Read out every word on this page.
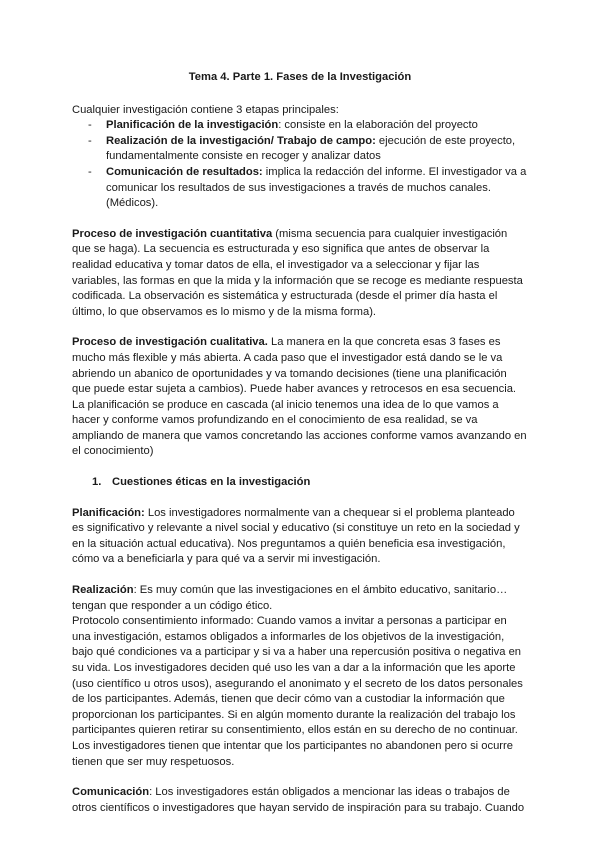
Tema 4. Parte 1. Fases de la Investigación

Cualquier investigación contiene 3 etapas principales:

- Planificación de la investigación: consiste en la elaboración del proyecto
- Realización de la investigación/ Trabajo de campo: ejecución de este proyecto, fundamentalmente consiste en recoger y analizar datos
- Comunicación de resultados: implica la redacción del informe. El investigador va a comunicar los resultados de sus investigaciones a través de muchos canales. (Médicos).

Proceso de investigación cuantitativa (misma secuencia para cualquier investigación que se haga). La secuencia es estructurada y eso significa que antes de observar la realidad educativa y tomar datos de ella, el investigador va a seleccionar y fijar las variables, las formas en que la mida y la información que se recoge es mediante respuesta codificada. La observación es sistemática y estructurada (desde el primer día hasta el último, lo que observamos es lo mismo y de la misma forma).

Proceso de investigación cualitativa. La manera en la que concreta esas 3 fases es mucho más flexible y más abierta. A cada paso que el investigador está dando se le va abriendo un abanico de oportunidades y va tomando decisiones (tiene una planificación que puede estar sujeta a cambios). Puede haber avances y retrocesos en esa secuencia. La planificación se produce en cascada (al inicio tenemos una idea de lo que vamos a hacer y conforme vamos profundizando en el conocimiento de esa realidad, se va ampliando de manera que vamos concretando las acciones conforme vamos avanzando en el conocimiento)

1. Cuestiones éticas en la investigación

Planificación: Los investigadores normalmente van a chequear si el problema planteado es significativo y relevante a nivel social y educativo (si constituye un reto en la sociedad y en la situación actual educativa). Nos preguntamos a quién beneficia esa investigación, cómo va a beneficiarla y para qué va a servir mi investigación.

Realización: Es muy común que las investigaciones en el ámbito educativo, sanitario…tengan que responder a un código ético.

Protocolo consentimiento informado: Cuando vamos a invitar a personas a participar en una investigación, estamos obligados a informarles de los objetivos de la investigación, bajo qué condiciones va a participar y si va a haber una repercusión positiva o negativa en su vida. Los investigadores deciden qué uso les van a dar a la información que les aporte (uso científico u otros usos), asegurando el anonimato y el secreto de los datos personales de los participantes. Además, tienen que decir cómo van a custodiar la información que proporcionan los participantes. Si en algún momento durante la realización del trabajo los participantes quieren retirar su consentimiento, ellos están en su derecho de no continuar. Los investigadores tienen que intentar que los participantes no abandonen pero si ocurre tienen que ser muy respetuosos.

Comunicación: Los investigadores están obligados a mencionar las ideas o trabajos de otros científicos o investigadores que hayan servido de inspiración para su trabajo. Cuando
